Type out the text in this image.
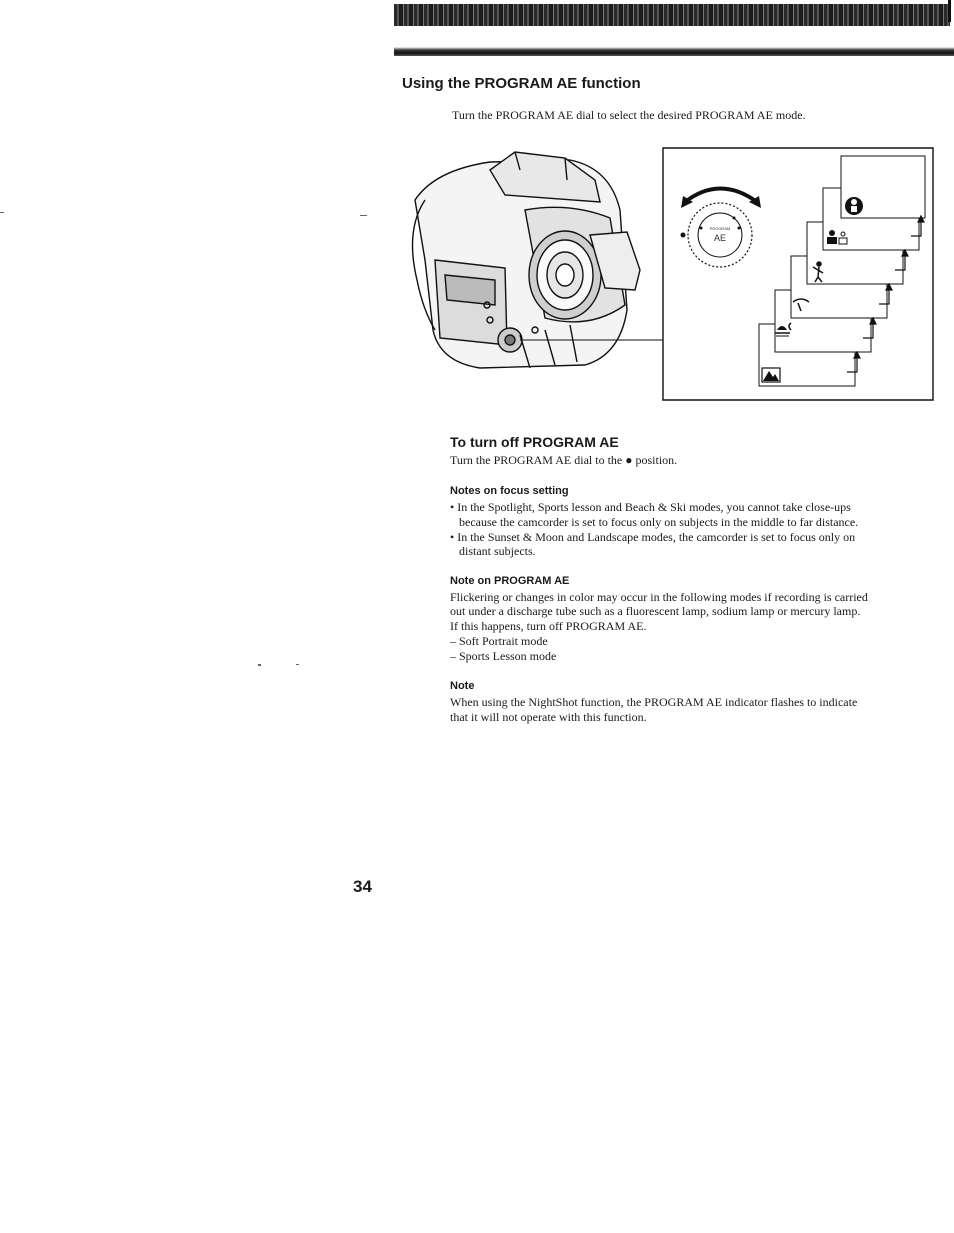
Using the PROGRAM AE function

Turn the PROGRAM AE dial to select the desired PROGRAM AE mode.

PROGRAM
AE
To turn off PROGRAM AE

Turn the PROGRAM AE dial to the ● position.

Notes on focus setting

• In the Spotlight, Sports lesson and Beach & Ski modes, you cannot take close-ups

because the camcorder is set to focus only on subjects in the middle to far distance.

• In the Sunset & Moon and Landscape modes, the camcorder is set to focus only on

distant subjects.

Note on PROGRAM AE

Flickering or changes in color may occur in the following modes if recording is carried

out under a discharge tube such as a fluorescent lamp, sodium lamp or mercury lamp.

If this happens, turn off PROGRAM AE.

– Soft Portrait mode

– Sports Lesson mode

Note

When using the NightShot function, the PROGRAM AE indicator flashes to indicate

that it will not operate with this function.

34
